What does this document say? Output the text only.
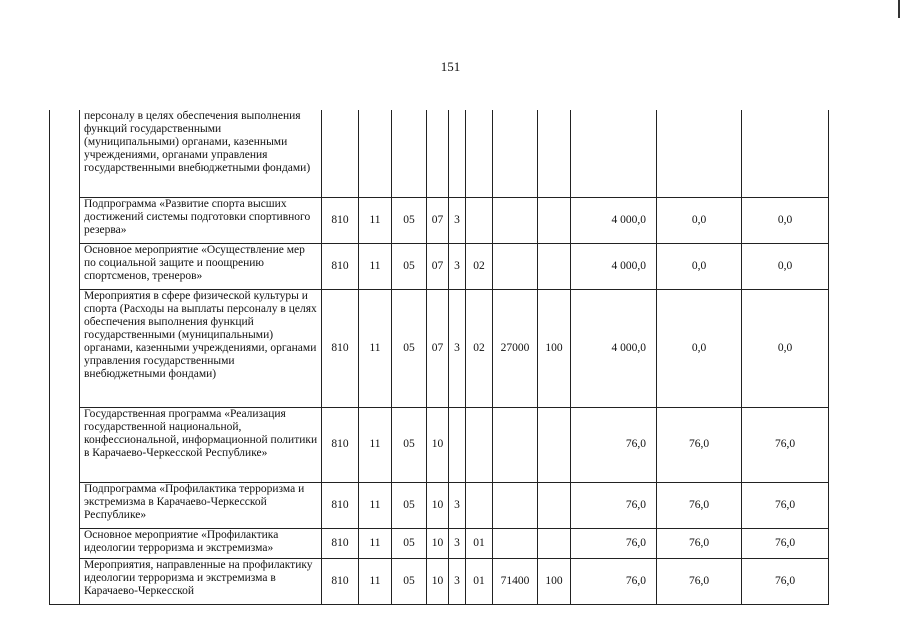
151
	персоналу в целях обеспечения выполнения функций государственными (муниципальными) органами, казенными учреждениями, органами управления государственными внебюджетными фондами)											
	Подпрограмма «Развитие спорта высших достижений системы подготовки спортивного резерва»	810	11	05	07	3				4 000,0	0,0	0,0
	Основное мероприятие «Осуществление мер по социальной защите и поощрению спортсменов, тренеров»	810	11	05	07	3	02			4 000,0	0,0	0,0
	Мероприятия в сфере физической культуры и спорта (Расходы на выплаты персоналу в целях обеспечения выполнения функций государственными (муниципальными) органами, казенными учреждениями, органами управления государственными внебюджетными фондами)	810	11	05	07	3	02	27000	100	4 000,0	0,0	0,0
	Государственная программа «Реализация государственной национальной, конфессиональной, информационной политики в Карачаево-Черкесской Республике»	810	11	05	10					76,0	76,0	76,0
	Подпрограмма «Профилактика терроризма и экстремизма в Карачаево-Черкесской Республике»	810	11	05	10	3				76,0	76,0	76,0
	Основное мероприятие «Профилактика идеологии терроризма и экстремизма»	810	11	05	10	3	01			76,0	76,0	76,0
	Мероприятия, направленные на профилактику идеологии терроризма и экстремизма в Карачаево-Черкесской	810	11	05	10	3	01	71400	100	76,0	76,0	76,0
